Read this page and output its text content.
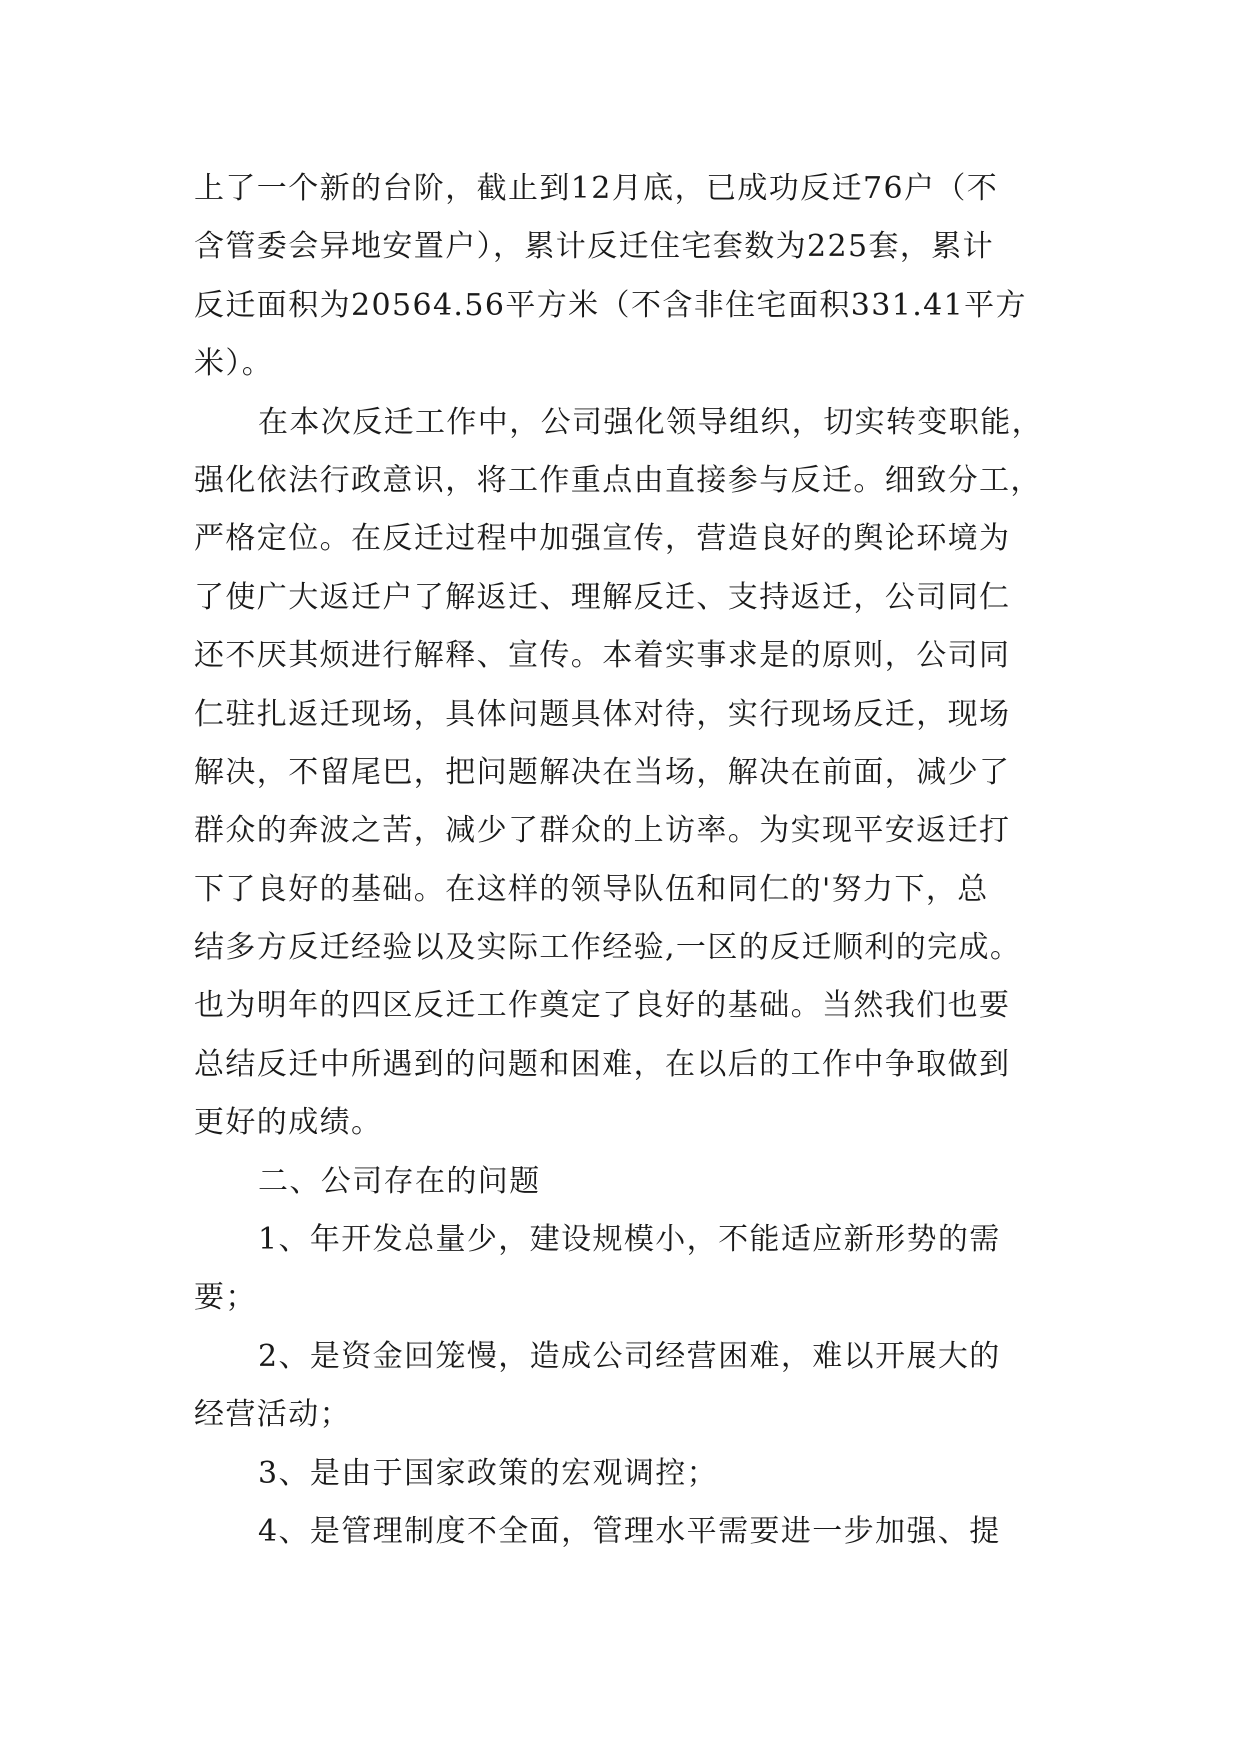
上了一个新的台阶，截止到12月底，已成功反迁76户（不
含管委会异地安置户），累计反迁住宅套数为225套，累计
反迁面积为20564.56平方米（不含非住宅面积331.41平方
米）。
在本次反迁工作中，公司强化领导组织，切实转变职能，
强化依法行政意识，将工作重点由直接参与反迁。细致分工，
严格定位。在反迁过程中加强宣传，营造良好的舆论环境为
了使广大返迁户了解返迁、理解反迁、支持返迁，公司同仁
还不厌其烦进行解释、宣传。本着实事求是的原则，公司同
仁驻扎返迁现场，具体问题具体对待，实行现场反迁，现场
解决，不留尾巴，把问题解决在当场，解决在前面，减少了
群众的奔波之苦，减少了群众的上访率。为实现平安返迁打
下了良好的基础。在这样的领导队伍和同仁的'努力下，总
结多方反迁经验以及实际工作经验,一区的反迁顺利的完成。
也为明年的四区反迁工作奠定了良好的基础。当然我们也要
总结反迁中所遇到的问题和困难，在以后的工作中争取做到
更好的成绩。
二、公司存在的问题
1、年开发总量少，建设规模小，不能适应新形势的需
要；
2、是资金回笼慢，造成公司经营困难，难以开展大的
经营活动；
3、是由于国家政策的宏观调控；
4、是管理制度不全面，管理水平需要进一步加强、提
